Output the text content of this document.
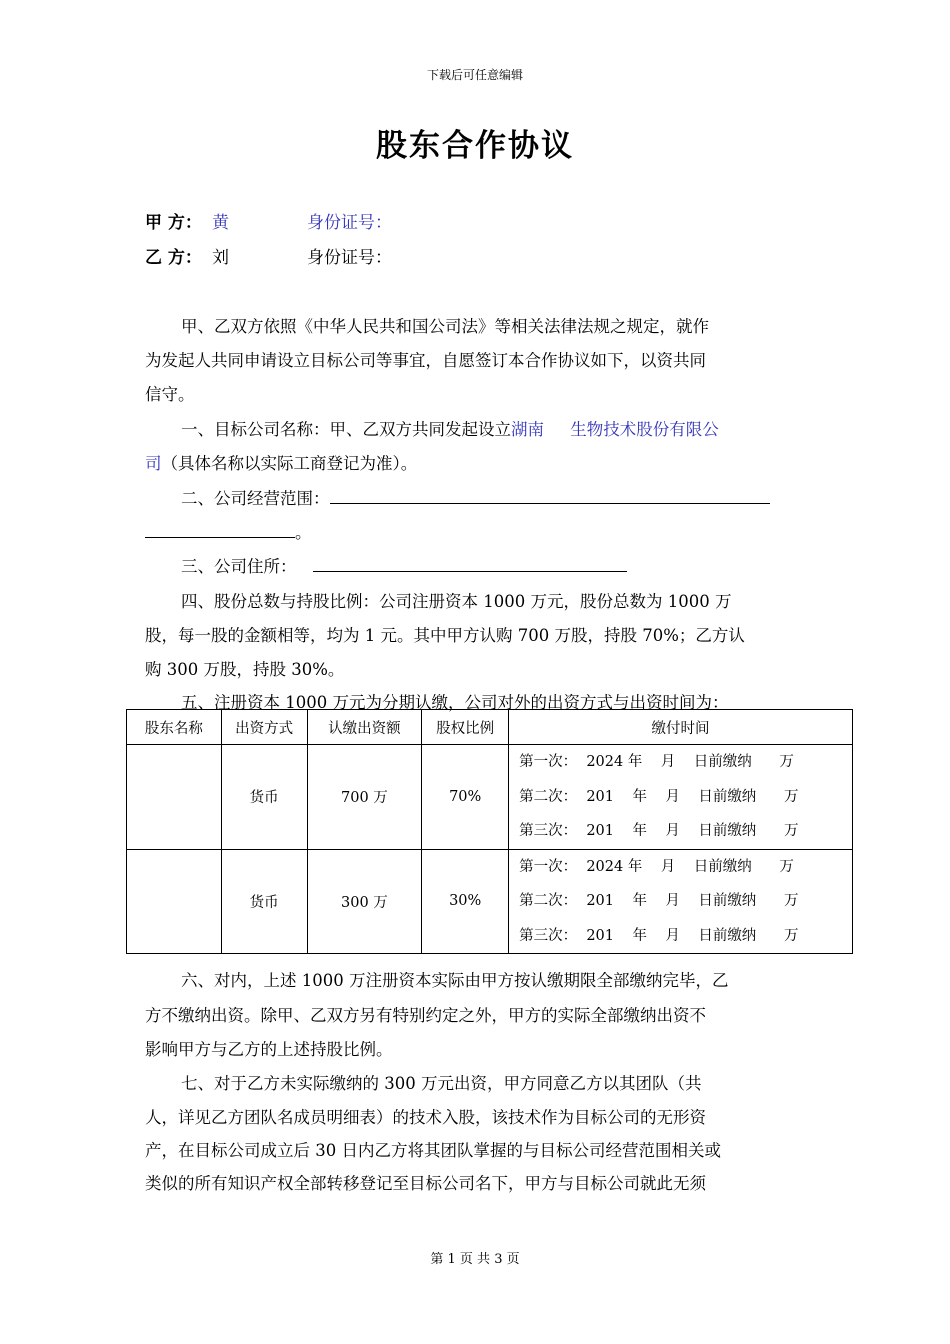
下载后可任意编辑
股东合作协议
甲 方： 黄	身份证号：
乙 方： 刘	身份证号：
甲、乙双方依照《中华人民共和国公司法》等相关法律法规之规定，就作
为发起人共同申请设立目标公司等事宜，自愿签订本合作协议如下，以资共同
信守。
一、目标公司名称：甲、乙双方共同发起设立湖南     生物技术股份有限公
司（具体名称以实际工商登记为准）。
二、公司经营范围：
。
三、公司住所：
四、股份总数与持股比例：公司注册资本 1000 万元，股份总数为 1000 万
股，每一股的金额相等，均为 1 元。其中甲方认购 700 万股，持股 70%；乙方认
购 300 万股，持股 30%。
五、注册资本 1000 万元为分期认缴，公司对外的出资方式与出资时间为：
股东名称	出资方式	认缴出资额	股权比例	缴付时间
	货币	700 万	70%	第一次：  2024 年    月    日前缴纳      万
第二次：  201    年    月    日前缴纳      万
第三次：  201    年    月    日前缴纳      万

	货币	300 万	30%	第一次：  2024 年    月    日前缴纳      万
第二次：  201    年    月    日前缴纳      万
第三次：  201    年    月    日前缴纳      万
六、对内，上述 1000 万注册资本实际由甲方按认缴期限全部缴纳完毕，乙
方不缴纳出资。除甲、乙双方另有特别约定之外，甲方的实际全部缴纳出资不
影响甲方与乙方的上述持股比例。
七、对于乙方未实际缴纳的 300 万元出资，甲方同意乙方以其团队（共
人，详见乙方团队名成员明细表）的技术入股，该技术作为目标公司的无形资
产，在目标公司成立后 30 日内乙方将其团队掌握的与目标公司经营范围相关或
类似的所有知识产权全部转移登记至目标公司名下，甲方与目标公司就此无须
第 1 页 共 3 页
